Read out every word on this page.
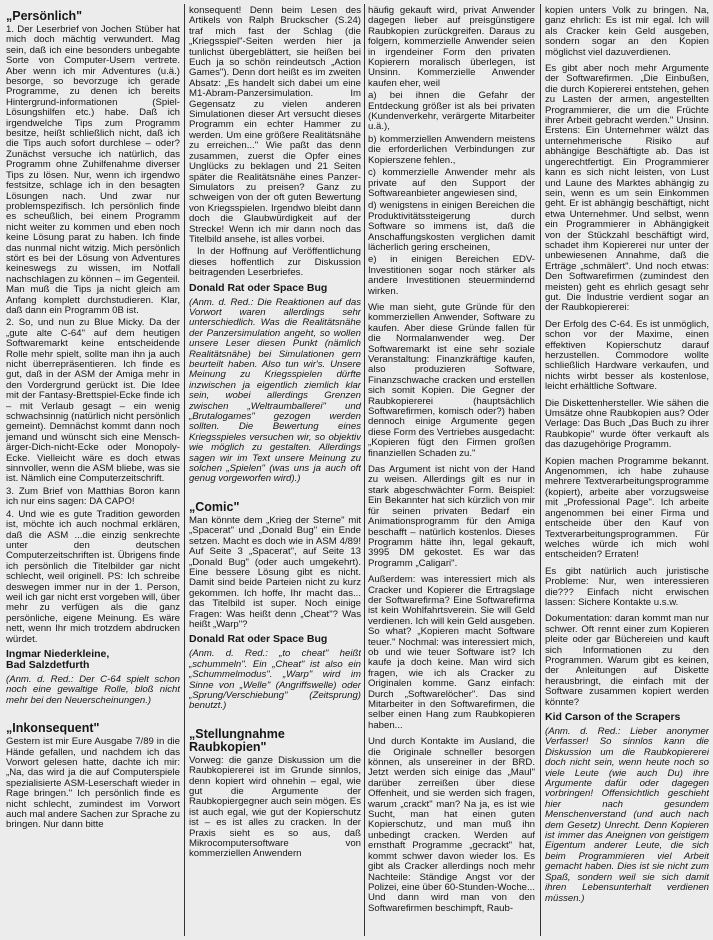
„Persönlich"

1. Der Leserbrief von Jochen Stüber hat mich doch mächtig verwundert. Mag sein, daß ich eine besonders unbegabte Sorte von Computer-Usern vertrete. Aber wenn ich mir Adventures (u.ä.) besorge, so bevorzuge ich gerade Programme, zu denen ich bereits Hintergrund-informationen (Spiel- Lösungshilfen etc.) habe. Daß ich irgendwelche Tips zum Programm besitze, heißt schließlich nicht, daß ich die Tips auch sofort durchlese – oder? Zunächst versuche ich natürlich, das Programm ohne Zuhilfenahme diverser Tips zu lösen. Nur, wenn ich irgendwo festsitze, schlage ich in den besagten Lösungen nach. Und zwar nur problemspezifisch. Ich persönlich finde es scheußlich, bei einem Programm nicht weiter zu kommen und eben noch keine Lösung parat zu haben. Ich finde das nunmal nicht witzig. Mich persönlich stört es bei der Lösung von Adventures keineswegs zu wissen, im Notfall nachschlagen zu können – im Gegenteil. Man muß die Tips ja nicht gleich am Anfang komplett durchstudieren. Klar, daß dann ein Programm 0B ist.

2. So, und nun zu Blue Micky. Da der „gute alte C-64" auf dem heutigen Softwaremarkt keine entscheidende Rolle mehr spielt, sollte man ihn ja auch nicht überrepräsentieren. Ich finde es gut, daß in der ASM der Amiga mehr in den Vordergrund gerückt ist. Die Idee mit der Fantasy-Brettspiel-Ecke finde ich – mit Verlaub gesagt – ein wenig schwachsinnig (natürlich nicht persönlich gemeint). Demnächst kommt dann noch jemand und wünscht sich eine Mensch-ärger-Dich-nicht-Ecke oder Monopoly-Ecke. Vielleicht wäre es doch etwas sinnvoller, wenn die ASM bliebe, was sie ist. Nämlich eine Computerzeitschrift.

3. Zum Brief von Matthias Boron kann ich nur eins sagen: DA CAPO!

4. Und wie es gute Tradition geworden ist, möchte ich auch nochmal erklären, daß die ASM ...die einzig senkrechte unter den deutschen Computerzeitschriften ist. Übrigens finde ich persönlich die Titelbilder gar nicht schlecht, weil originell. PS: Ich schreibe deswegen immer nur in der 1. Person, weil ich gar nicht erst vorgeben will, über mehr zu verfügen als die ganz persönliche, eigene Meinung. Es wäre nett, wenn Ihr mich trotzdem abdrucken würdet.

Ingmar Niederkleine,
Bad Salzdetfurth

(Anm. d. Red.: Der C-64 spielt schon noch eine gewaltige Rolle, bloß nicht mehr bei den Neuerscheinungen.)

„Inkonsequent"

Gestern ist mir Eure Ausgabe 7/89 in die Hände gefallen, und nachdem ich das Vorwort gelesen hatte, dachte ich mir: „Na, das wird ja die auf Computerspiele spezialisierte ASM-Leserschaft wieder in Rage bringen." Ich persönlich finde es nicht schlecht, zumindest im Vorwort auch mal andere Sachen zur Sprache zu bringen. Nur dann bitte

konsequent! Denn beim Lesen des Artikels von Ralph Bruckscher (S.24) traf mich fast der Schlag (die „Kriegsspiel"-Seiten werden hier ja tunlichst übergeblättert, sie heißen bei Euch ja so schön reindeutsch „Action Games"). Denn dort heißt es im zweiten Absatz: „Es handelt sich dabei um eine M1-Abram-Panzersimulation. Im Gegensatz zu vielen anderen Simulationen dieser Art versucht dieses Programm ein echter Hammer zu werden. Um eine größere Realitätsnähe zu erreichen..." Wie paßt das denn zusammen, zuerst die Opfer eines Unglücks zu beklagen und 21 Seiten später die Realitätsnähe eines Panzer-Simulators zu preisen? Ganz zu schweigen von der oft guten Bewertung von Kriegsspielen. Irgendwo bleibt dann doch die Glaubwürdigkeit auf der Strecke! Wenn ich mir dann noch das Titelbild ansehe, ist alles vorbei.

In der Hoffnung auf Veröffentlichung dieses hoffentlich zur Diskussion beitragenden Leserbriefes.

Donald Rat oder Space Bug

(Anm. d. Red.: Die Reaktionen auf das Vorwort waren allerdings sehr unterschiedlich. Was die Realitätsnähe der Panzersimulation angeht, so wollen unsere Leser diesen Punkt (nämlich Realitätsnähe) bei Simulationen gern beurteilt haben. Also tun wir's. Unsere Meinung zu Kriegsspielen dürfte inzwischen ja eigentlich ziemlich klar sein, wobei allerdings Grenzen zwischen „Weltraumballerei" und „Brutalogames" gezogen werden sollten. Die Bewertung eines Kriegsspieles versuchen wir, so objektiv wie möglich zu gestalten. Allerdings sagen wir im Text unsere Meinung zu solchen „Spielen" (was uns ja auch oft genug vorgeworfen wird).)

„Comic"

Man könnte dem „Krieg der Sterne" mit „Spacerat" und „Donald Bug" ein Ende setzen. Macht es doch wie in ASM 4/89! Auf Seite 3 „Spacerat", auf Seite 13 „Donald Bug" (oder auch umgekehrt). Eine bessere Lösung gibt es nicht. Damit sind beide Parteien nicht zu kurz gekommen. Ich hoffe, Ihr macht das... das Titelbild ist super. Noch einige Fragen: Was heißt denn „Cheat"? Was heißt „Warp"?

Donald Rat oder Space Bug

(Anm. d. Red.: „to cheat" heißt „schummeln". Ein „Cheat" ist also ein „Schummelmodus". „Warp" wird im Sinne von „Welle" (Angriffswelle) oder „Sprung/Verschiebung" (Zeitsprung) benutzt.)

„Stellungnahme Raubkopien"

Vorweg: die ganze Diskussion um die Raubkopiererei ist im Grunde sinnlos, denn kopiert wird ohnehin – egal, wie gut die Argumente der Raubkopiergegner auch sein mögen. Es ist auch egal, wie gut der Kopierschutz ist – es ist alles zu cracken. In der Praxis sieht es so aus, daß Mikrocomputersoftware von kommerziellen Anwendern

häufig gekauft wird, privat Anwender dagegen lieber auf preisgünstigere Raubkopien zurückgreifen. Daraus zu folgern, kommerzielle Anwender seien in irgendeiner Form den privaten Kopierern moralisch überlegen, ist Unsinn. Kommerzielle Anwender kaufen eher, weil

a) bei ihnen die Gefahr der Entdeckung größer ist als bei privaten (Kundenverkehr, verärgerte Mitarbeiter u.ä.),

b) kommerziellen Anwendern meistens die erforderlichen Verbindungen zur Kopierszene fehlen.,

c) kommerzielle Anwender mehr als private auf den Support der Softwareanbieter angewiesen sind,

d) wenigstens in einigen Bereichen die Produktivitätssteigerung durch Software so immens ist, daß die Anschaffungskosten verglichen damit lächerlich gering erscheinen,

e) in einigen Bereichen EDV-Investitionen sogar noch stärker als andere Investitionen steuermindernd wirken.

Wie man sieht, gute Gründe für den kommerziellen Anwender, Software zu kaufen. Aber diese Gründe fallen für die Normalanwender weg. Der Softwaremarkt ist eine sehr soziale Veranstaltung: Finanzkräftige kaufen, also produzieren Software, Finanzschwache cracken und erstellen sich somit Kopien. Die Gegner der Raubkopiererei (hauptsächlich Softwarefirmen, komisch oder?) haben dennoch einige Argumente gegen diese Form des Vertriebes ausgedacht: „Kopieren fügt den Firmen großen finanziellen Schaden zu."

Das Argument ist nicht von der Hand zu weisen. Allerdings gilt es nur in stark abgeschwächter Form. Beispiel: Ein Bekannter hat sich kürzlich von mir für seinen privaten Bedarf ein Animationsprogramm für den Amiga beschafft – natürlich kostenlos. Dieses Programm hätte ihn, legal gekauft, 3995 DM gekostet. Es war das Programm „Caligari".

Außerdem: was interessiert mich als Cracker und Kopierer die Ertragslage der Softwarefirma? Eine Softwarefirma ist kein Wohlfahrtsverein. Sie will Geld verdienen. Ich will kein Geld ausgeben. So what? „Kopieren macht Software teuer." Nochmal: was interessiert mich, ob und wie teuer Software ist? Ich kaufe ja doch keine. Man wird sich fragen, wie ich als Cracker zu Originalen komme. Ganz einfach: Durch „Softwarelöcher". Das sind Mitarbeiter in den Softwarefirmen, die selber einen Hang zum Raubkopieren haben...

Und durch Kontakte im Ausland, die die Originale schneller besorgen können, als unsereiner in der BRD. Jetzt werden sich einige das „Maul" darüber zerreißen über diese Offenheit, und sie werden sich fragen, warum „crackt" man? Na ja, es ist wie Sucht, man hat einen guten Kopierschutz, und man muß ihn unbedingt cracken. Werden auf ernsthaft Programme „gecrackt" hat, kommt schwer davon wieder los. Es gibt als Cracker allerdings noch mehr Nachteile: Ständige Angst vor der Polizei, eine über 60-Stunden-Woche... Und dann wird man von den Softwarefirmen beschimpft, Raub-

kopien unters Volk zu bringen. Na, ganz ehrlich: Es ist mir egal. Ich will als Cracker kein Geld ausgeben, sondern sogar an den Kopien möglichst viel dazuverdienen.

Es gibt aber noch mehr Argumente der Softwarefirmen. „Die Einbußen, die durch Kopiererei entstehen, gehen zu Lasten der armen, angestellten Programmierer, die um die Früchte ihrer Arbeit gebracht werden." Unsinn. Erstens: Ein Unternehmer wälzt das unternehmerische Risiko auf abhängige Beschäftigte ab. Das ist ungerechtfertigt. Ein Programmierer kann es sich nicht leisten, von Lust und Laune des Marktes abhängig zu sein, wenn es um sein Einkommen geht. Er ist abhängig beschäftigt, nicht etwa Unternehmer. Und selbst, wenn ein Programmierer in Abhängigkeit von der Stückzahl beschäftigt wird, schadet ihm Kopiererei nur unter der unbewiesenen Annahme, daß die Erträge „schmälert". Und noch etwas: Den Softwarefirmen (zumindest den meisten) geht es ehrlich gesagt sehr gut. Die Industrie verdient sogar an der Raubkopiererei:

Der Erfolg des C-64. Es ist unmöglich, schon vor der Maxime, einen effektiven Kopierschutz darauf herzustellen. Commodore wollte schließlich Hardware verkaufen, und nichts wirbt besser als kostenlose, leicht erhältliche Software.

Die Diskettenhersteller. Wie sähen die Umsätze ohne Raubkopien aus? Oder Verlage: Das Buch „Das Buch zu ihrer Raubkopie" wurde öfter verkauft als das dazugehörige Programm.

Kopien machen Programme bekannt. Angenommen, ich habe zuhause mehrere Textverarbeitungsprogramme (kopiert), arbeite aber vorzugsweise mit „Professional Page". Ich arbeite angenommen bei einer Firma und entscheide über den Kauf von Textverarbeitungsprogrammen. Für welches würde ich mich wohl entscheiden? Erraten!

Es gibt natürlich auch juristische Probleme: Nur, wen interessieren die??? Einfach nicht erwischen lassen: Sichere Kontakte u.s.w.

Dokumentation: daran kommt man nur schwer. Oft rennt einer zum Kopieren pleite oder gar Büchereien und kauft sich Informationen zu den Programmen. Warum gibt es keinen, der Anleitungen auf Diskette herausbringt, die einfach mit der Software zusammen kopiert werden könnte?

Kid Carson of the Scrapers

(Anm. d. Red.: Lieber anonymer Verfasser! So sinnlos kann die Diskussion um die Raubkopiererei doch nicht sein, wenn heute noch so viele Leute (wie auch Du) ihre Argumente dafür oder dagegen vorbringen! Offensichtlich geschieht hier nach gesundem Menschenverstand (und auch nach dem Gesetz) Unrecht. Denn Kopieren ist immer das Aneignen von geistigem Eigentum anderer Leute, die sich beim Programmieren viel Arbeit gemacht haben. Dies ist sie nicht zum Spaß, sondern weil sie sich damit ihren Lebensunterhalt verdienen müssen.)
